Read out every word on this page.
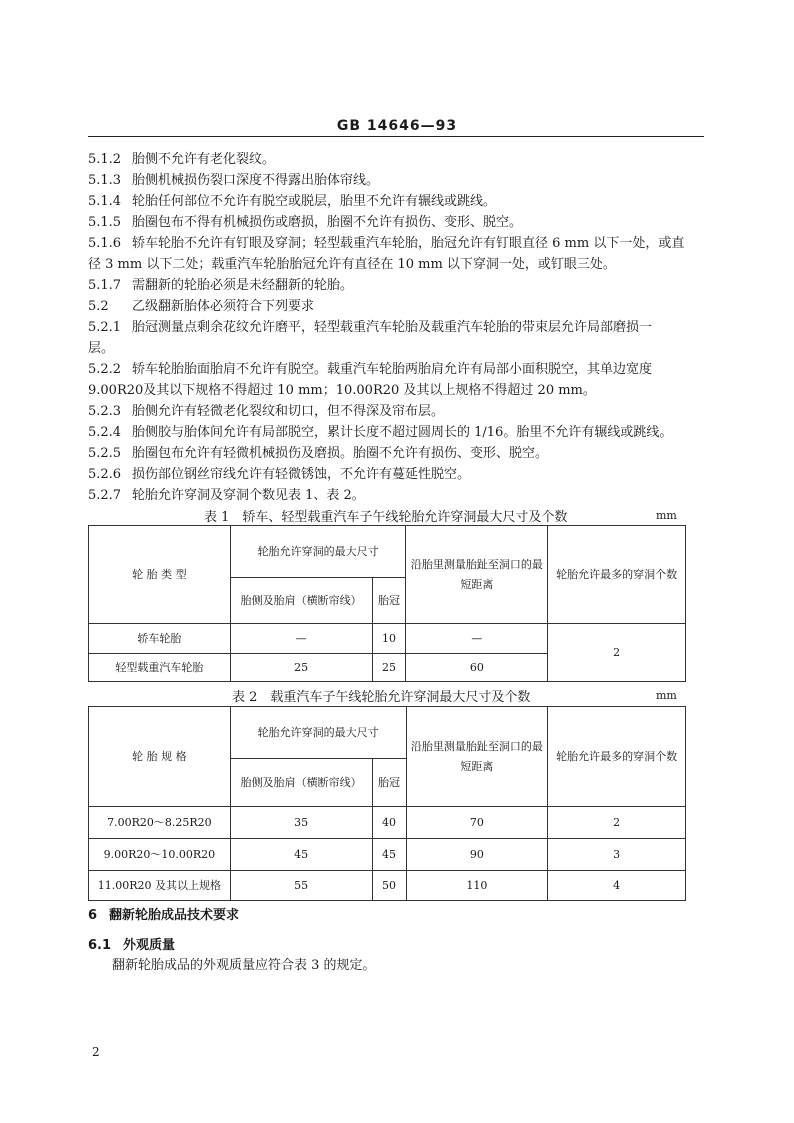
GB 14646—93
5.1.2 胎侧不允许有老化裂纹。
5.1.3 胎侧机械损伤裂口深度不得露出胎体帘线。
5.1.4 轮胎任何部位不允许有脱空或脱层，胎里不允许有辗线或跳线。
5.1.5 胎圈包布不得有机械损伤或磨损，胎圈不允许有损伤、变形、脱空。
5.1.6 轿车轮胎不允许有钉眼及穿洞；轻型载重汽车轮胎，胎冠允许有钉眼直径 6 mm 以下一处，或直
径 3 mm 以下二处；载重汽车轮胎胎冠允许有直径在 10 mm 以下穿洞一处，或钉眼三处。
5.1.7 需翻新的轮胎必须是未经翻新的轮胎。
5.2 乙级翻新胎体必须符合下列要求
5.2.1 胎冠测量点剩余花纹允许磨平，轻型载重汽车轮胎及载重汽车轮胎的带束层允许局部磨损一
层。
5.2.2 轿车轮胎胎面胎肩不允许有脱空。载重汽车轮胎两胎肩允许有局部小面积脱空，其单边宽度
9.00R20及其以下规格不得超过 10 mm；10.00R20 及其以上规格不得超过 20 mm。
5.2.3 胎侧允许有轻微老化裂纹和切口，但不得深及帘布层。
5.2.4 胎侧胶与胎体间允许有局部脱空，累计长度不超过圆周长的 1/16。胎里不允许有辗线或跳线。
5.2.5 胎圈包布允许有轻微机械损伤及磨损。胎圈不允许有损伤、变形、脱空。
5.2.6 损伤部位钢丝帘线允许有轻微锈蚀，不允许有蔓延性脱空。
5.2.7 轮胎允许穿洞及穿洞个数见表 1、表 2。
表 1　轿车、轻型载重汽车子午线轮胎允许穿洞最大尺寸及个数	mm
轮 胎 类 型	轮胎允许穿洞的最大尺寸		沿胎里测量胎趾至洞口的最短距离	轮胎允许最多的穿洞个数
	胎侧及胎肩（横断帘线）	胎冠		
轿车轮胎	—	10	—	2
轻型载重汽车轮胎	25	25	60	
表 2　载重汽车子午线轮胎允许穿洞最大尺寸及个数	mm
轮 胎 规 格	轮胎允许穿洞的最大尺寸		沿胎里测量胎趾至洞口的最短距离	轮胎允许最多的穿洞个数
	胎侧及胎肩（横断帘线）	胎冠		
7.00R20～8.25R20	35	40	70	2
9.00R20～10.00R20	45	45	90	3
11.00R20 及其以上规格	55	50	110	4
6 翻新轮胎成品技术要求
6.1 外观质量
翻新轮胎成品的外观质量应符合表 3 的规定。
2
